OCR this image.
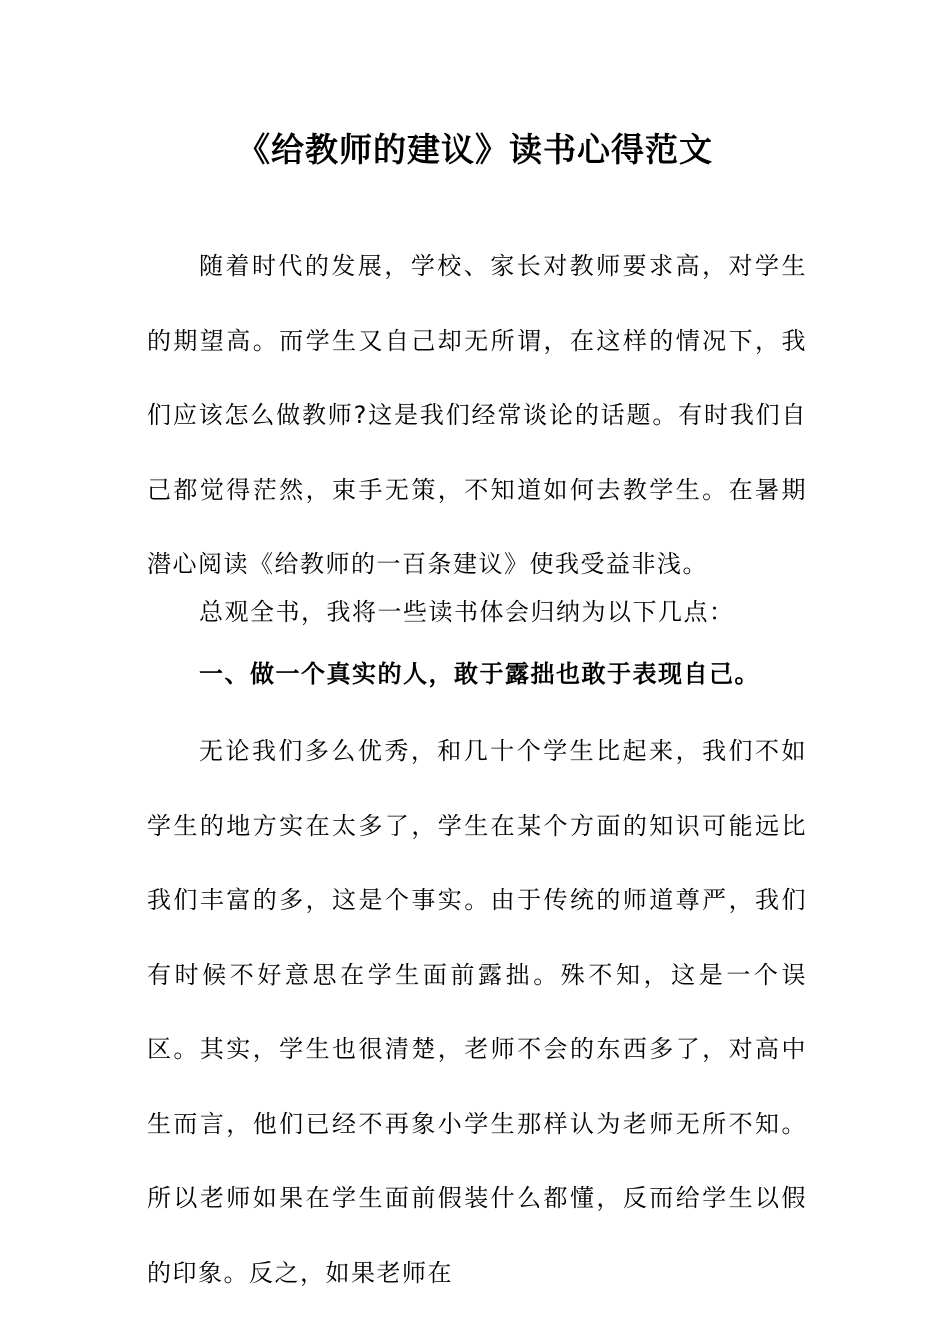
《给教师的建议》读书心得范文

随着时代的发展，学校、家长对教师要求高，对学生的期望高。而学生又自己却无所谓，在这样的情况下，我们应该怎么做教师?这是我们经常谈论的话题。有时我们自己都觉得茫然，束手无策，不知道如何去教学生。在暑期潜心阅读《给教师的一百条建议》使我受益非浅。

总观全书，我将一些读书体会归纳为以下几点：

一、做一个真实的人，敢于露拙也敢于表现自己。

无论我们多么优秀，和几十个学生比起来，我们不如学生的地方实在太多了，学生在某个方面的知识可能远比我们丰富的多，这是个事实。由于传统的师道尊严，我们有时候不好意思在学生面前露拙。殊不知，这是一个误区。其实，学生也很清楚，老师不会的东西多了，对高中生而言，他们已经不再象小学生那样认为老师无所不知。所以老师如果在学生面前假装什么都懂，反而给学生以假的印象。反之，如果老师在
